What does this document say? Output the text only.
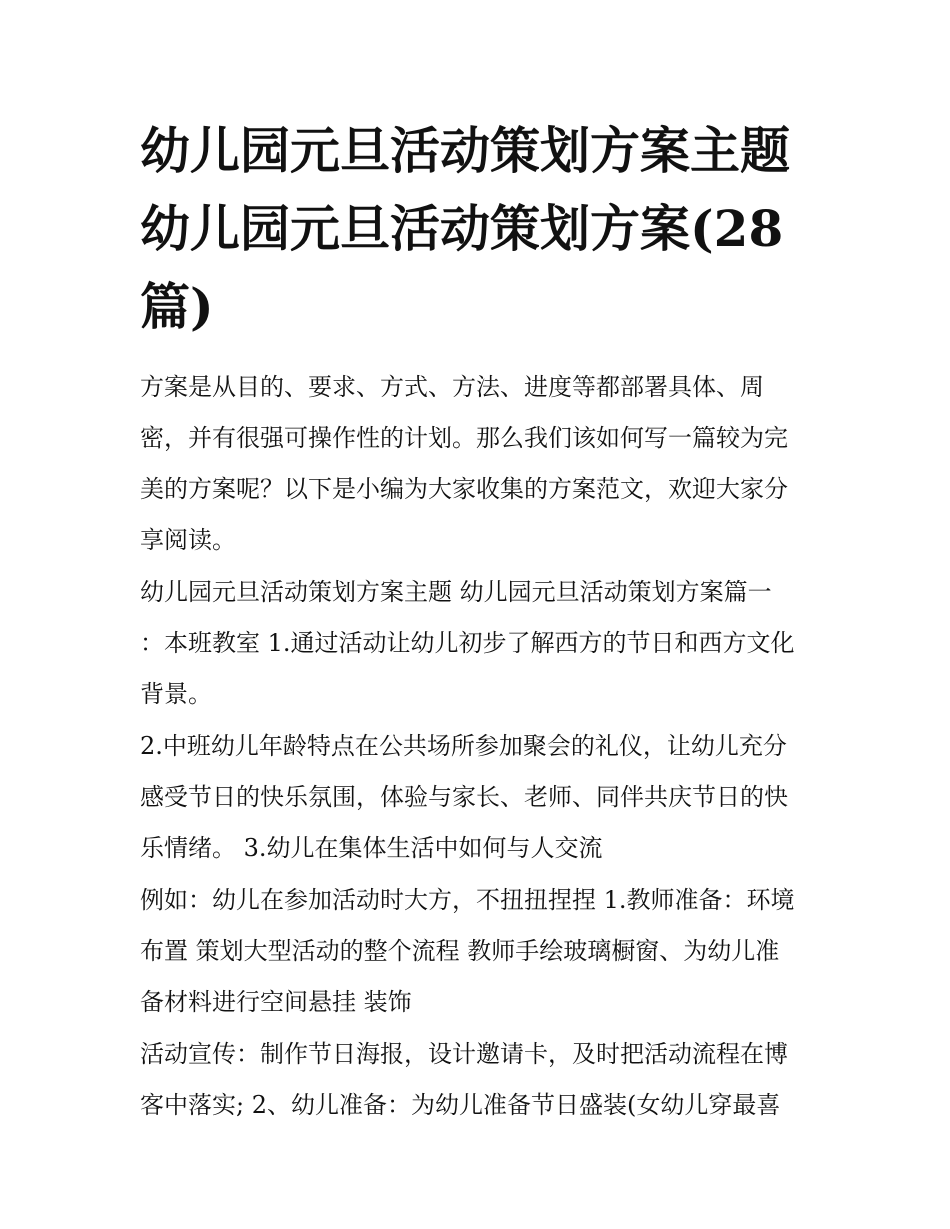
幼儿园元旦活动策划方案主题
幼儿园元旦活动策划方案(28
篇)

方案是从目的、要求、方式、方法、进度等都部署具体、周
密，并有很强可操作性的计划。那么我们该如何写一篇较为完
美的方案呢？以下是小编为大家收集的方案范文，欢迎大家分
享阅读。

幼儿园元旦活动策划方案主题 幼儿园元旦活动策划方案篇一
：本班教室 1.通过活动让幼儿初步了解西方的节日和西方文化
背景。

2.中班幼儿年龄特点在公共场所参加聚会的礼仪，让幼儿充分
感受节日的快乐氛围，体验与家长、老师、同伴共庆节日的快
乐情绪。 3.幼儿在集体生活中如何与人交流

例如：幼儿在参加活动时大方，不扭扭捏捏 1.教师准备：环境
布置 策划大型活动的整个流程 教师手绘玻璃橱窗、为幼儿准
备材料进行空间悬挂 装饰

活动宣传：制作节日海报，设计邀请卡，及时把活动流程在博
客中落实; 2、幼儿准备：为幼儿准备节日盛装(女幼儿穿最喜
